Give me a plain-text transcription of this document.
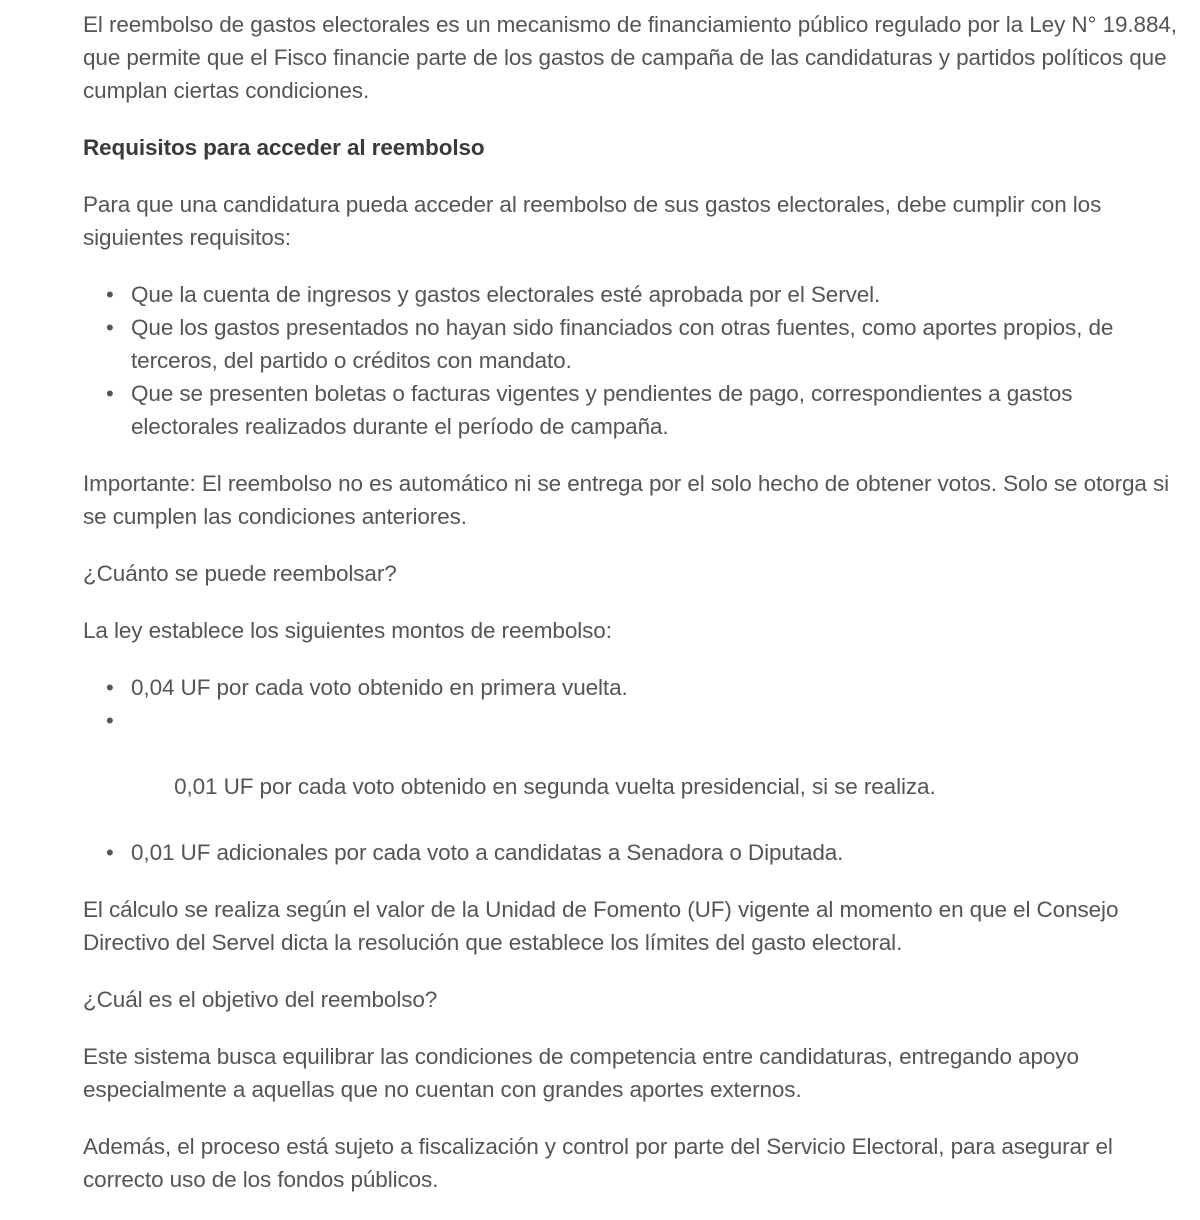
El reembolso de gastos electorales es un mecanismo de financiamiento público regulado por la Ley N° 19.884, que permite que el Fisco financie parte de los gastos de campaña de las candidaturas y partidos políticos que cumplan ciertas condiciones.

Requisitos para acceder al reembolso

Para que una candidatura pueda acceder al reembolso de sus gastos electorales, debe cumplir con los siguientes requisitos:

• Que la cuenta de ingresos y gastos electorales esté aprobada por el Servel.
• Que los gastos presentados no hayan sido financiados con otras fuentes, como aportes propios, de terceros, del partido o créditos con mandato.
• Que se presenten boletas o facturas vigentes y pendientes de pago, correspondientes a gastos electorales realizados durante el período de campaña.

Importante: El reembolso no es automático ni se entrega por el solo hecho de obtener votos. Solo se otorga si se cumplen las condiciones anteriores.

¿Cuánto se puede reembolsar?

La ley establece los siguientes montos de reembolso:

• 0,04 UF por cada voto obtenido en primera vuelta.

•

0,01 UF por cada voto obtenido en segunda vuelta presidencial, si se realiza.

• 0,01 UF adicionales por cada voto a candidatas a Senadora o Diputada.

El cálculo se realiza según el valor de la Unidad de Fomento (UF) vigente al momento en que el Consejo Directivo del Servel dicta la resolución que establece los límites del gasto electoral.

¿Cuál es el objetivo del reembolso?

Este sistema busca equilibrar las condiciones de competencia entre candidaturas, entregando apoyo especialmente a aquellas que no cuentan con grandes aportes externos.

Además, el proceso está sujeto a fiscalización y control por parte del Servicio Electoral, para asegurar el correcto uso de los fondos públicos.
